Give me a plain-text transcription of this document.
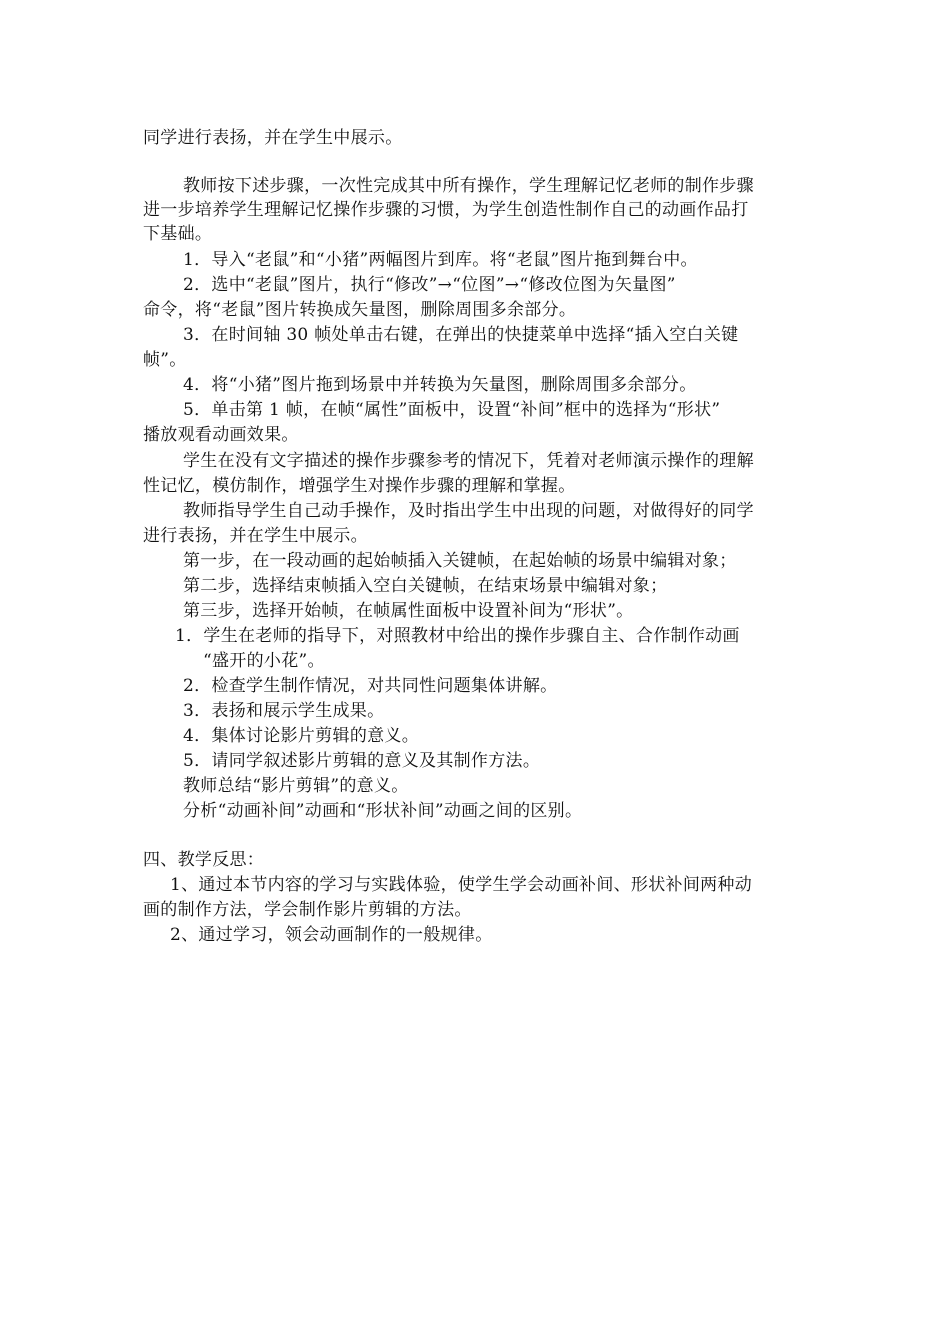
同学进行表扬，并在学生中展示。
教师按下述步骤，一次性完成其中所有操作，学生理解记忆老师的制作步骤
进一步培养学生理解记忆操作步骤的习惯，为学生创造性制作自己的动画作品打
下基础。
1．导入“老鼠”和“小猪”两幅图片到库。将“老鼠”图片拖到舞台中。
2．选中“老鼠”图片，执行“修改”→“位图”→“修改位图为矢量图”
命令，将“老鼠”图片转换成矢量图，删除周围多余部分。
3．在时间轴 30 帧处单击右键，在弹出的快捷菜单中选择“插入空白关键
帧”。
4．将“小猪”图片拖到场景中并转换为矢量图，删除周围多余部分。
5．单击第 1 帧，在帧“属性”面板中，设置“补间”框中的选择为“形状”
播放观看动画效果。
学生在没有文字描述的操作步骤参考的情况下，凭着对老师演示操作的理解
性记忆，模仿制作，增强学生对操作步骤的理解和掌握。
教师指导学生自己动手操作，及时指出学生中出现的问题，对做得好的同学
进行表扬，并在学生中展示。
第一步，在一段动画的起始帧插入关键帧，在起始帧的场景中编辑对象；
第二步，选择结束帧插入空白关键帧，在结束场景中编辑对象；
第三步，选择开始帧，在帧属性面板中设置补间为“形状”。
1．学生在老师的指导下，对照教材中给出的操作步骤自主、合作制作动画
“盛开的小花”。
2．检查学生制作情况，对共同性问题集体讲解。
3．表扬和展示学生成果。
4．集体讨论影片剪辑的意义。
5．请同学叙述影片剪辑的意义及其制作方法。
教师总结“影片剪辑”的意义。
分析“动画补间”动画和“形状补间”动画之间的区别。
四、教学反思：
1、通过本节内容的学习与实践体验，使学生学会动画补间、形状补间两种动
画的制作方法，学会制作影片剪辑的方法。
2、通过学习，领会动画制作的一般规律。
